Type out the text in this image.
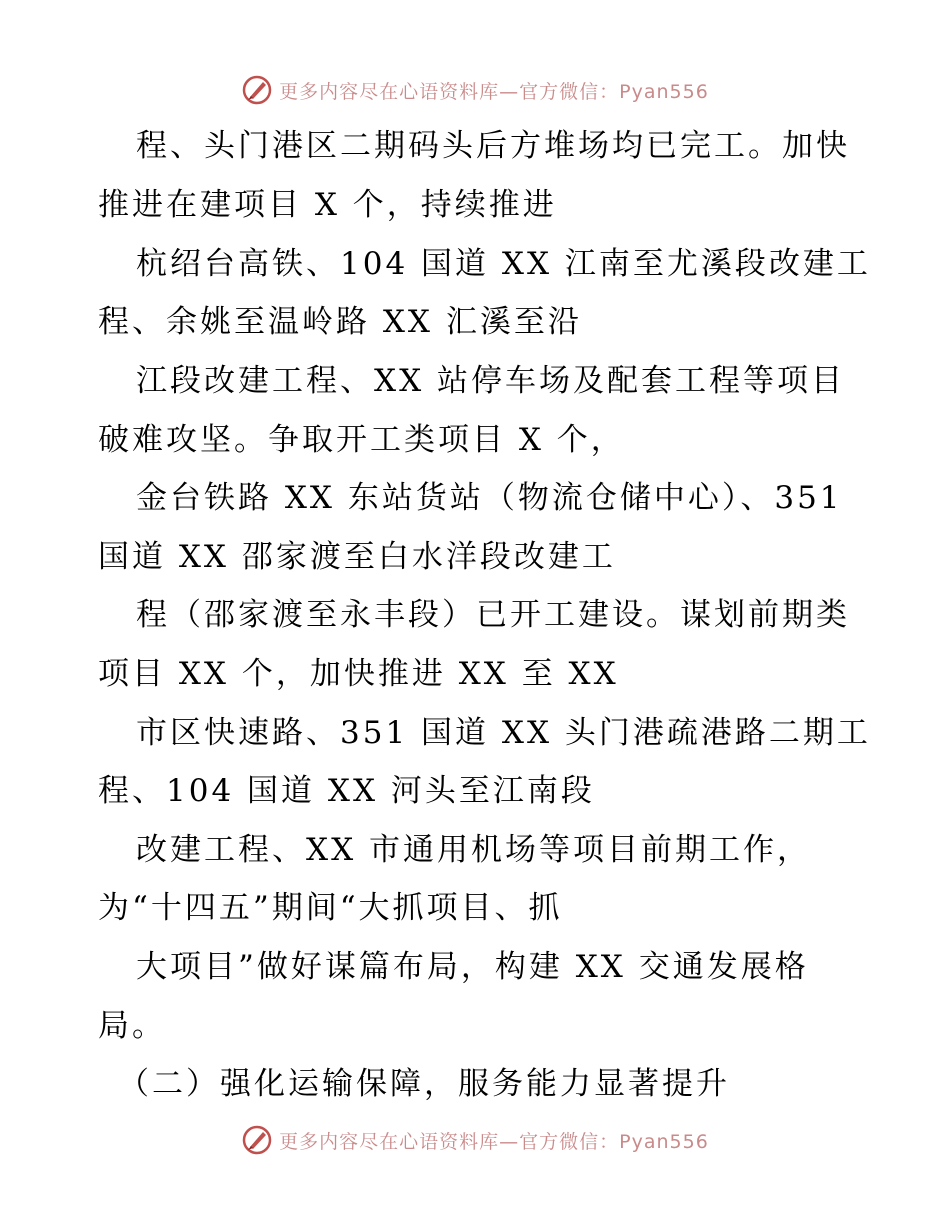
更多内容尽在心语资料库—官方微信：Pyan556
程、头门港区二期码头后方堆场均已完工。加快
推进在建项目 X 个，持续推进
杭绍台高铁、104 国道 XX 江南至尤溪段改建工
程、余姚至温岭路 XX 汇溪至沿
江段改建工程、XX 站停车场及配套工程等项目
破难攻坚。争取开工类项目 X 个，
金台铁路 XX 东站货站（物流仓储中心）、351
国道 XX 邵家渡至白水洋段改建工
程（邵家渡至永丰段）已开工建设。谋划前期类
项目 XX 个，加快推进 XX 至 XX
市区快速路、351 国道 XX 头门港疏港路二期工
程、104 国道 XX 河头至江南段
改建工程、XX 市通用机场等项目前期工作，
为“十四五”期间“大抓项目、抓
大项目”做好谋篇布局，构建 XX 交通发展格
局。
（二）强化运输保障，服务能力显著提升
更多内容尽在心语资料库—官方微信：Pyan556
